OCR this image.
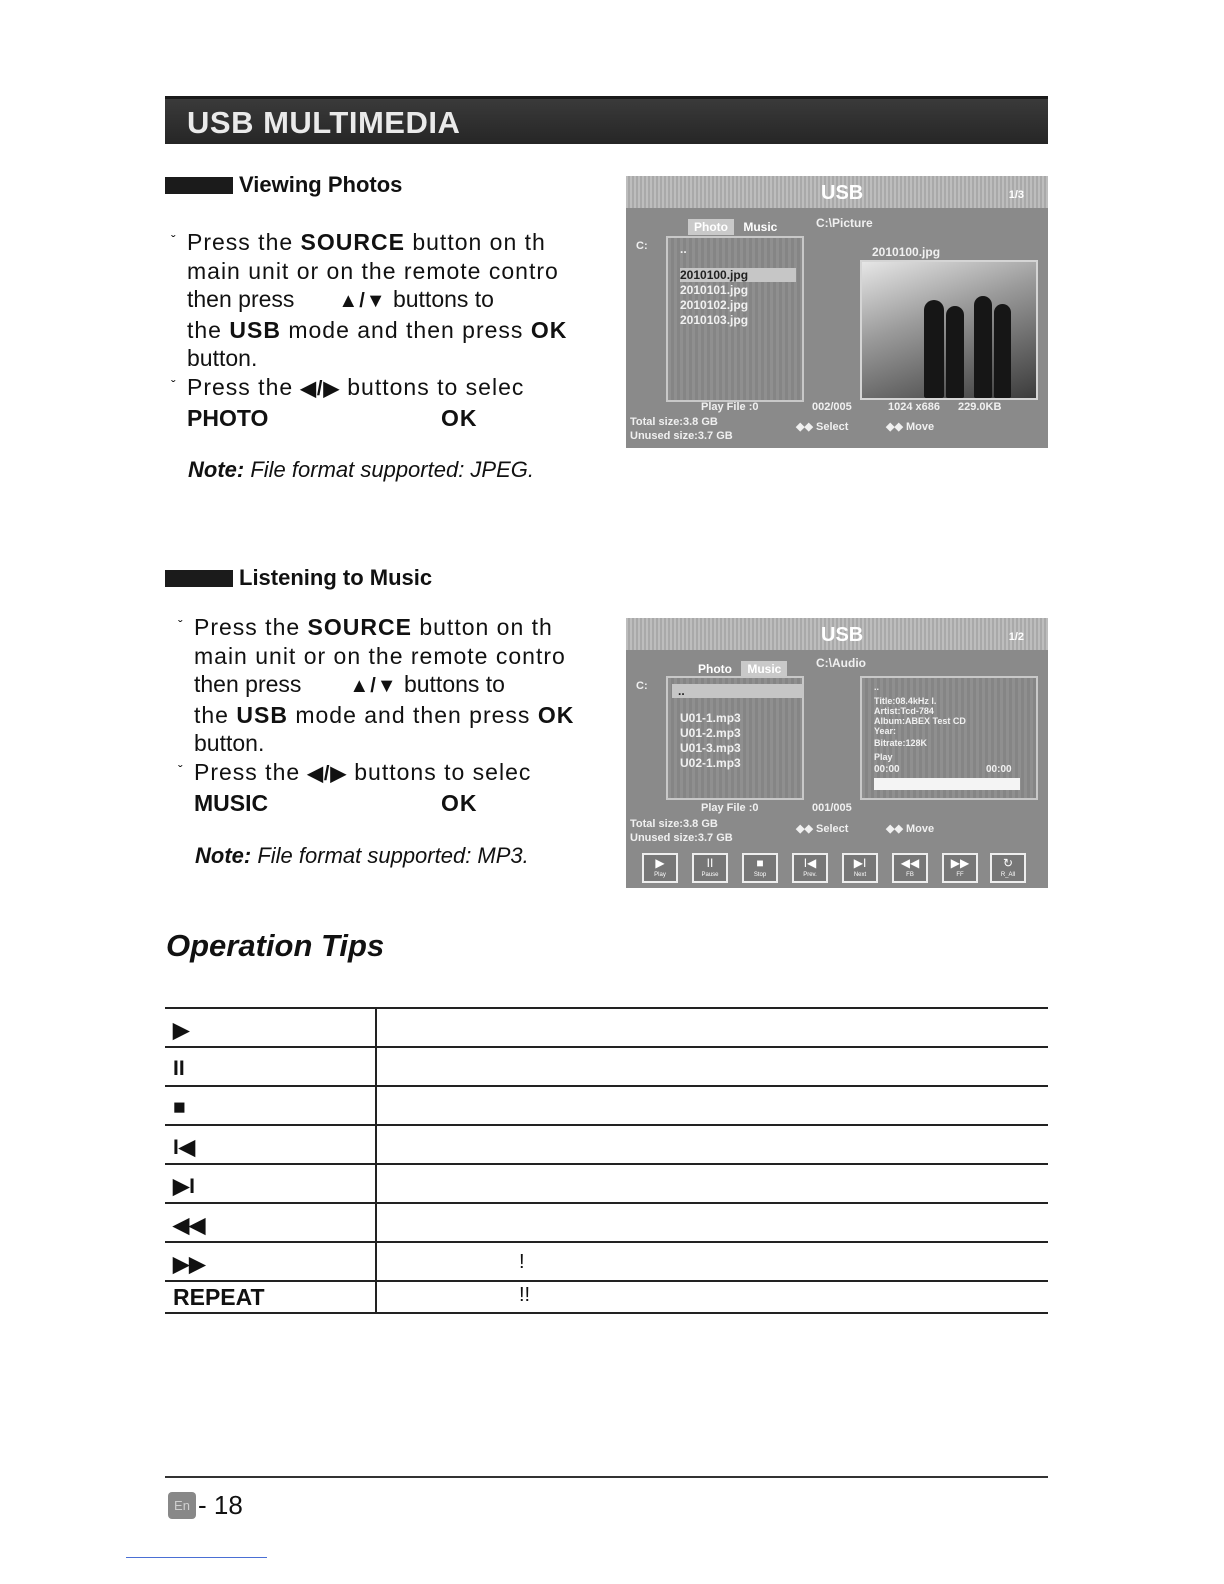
USB MULTIMEDIA
Viewing Photos
ˇ Press the SOURCE button on th
main unit or on the remote contro
then press ▲/▼ buttons to
the USB mode and then press OK
button.
ˇ Press the ◀/▶ buttons to selec
PHOTO	OK
Note: File format supported: JPEG.
USB	1/3
Photo Music	C:\Picture
C:	..
2010100.jpg
2010101.jpg
2010102.jpg
2010103.jpg
2010100.jpg
Play File :0	002/005	1024 x686 229.0KB
Total size:3.8 GB
Unused size:3.7 GB
◆◆ Select	◆◆ Move
Listening to Music
ˇ Press the SOURCE button on th
main unit or on the remote contro
then press ▲/▼ buttons to
the USB mode and then press OK
button.
ˇ Press the ◀/▶ buttons to selec
MUSIC	OK
Note: File format supported: MP3.
USB	1/2
Photo Music	C:\Audio
C:	..
U01-1.mp3
U01-2.mp3
U01-3.mp3
U02-1.mp3
..
Title:08.4kHz I.
Artist:Tcd-784
Album:ABEX Test CD
Year:
Bitrate:128K
Play
00:00	00:00
Play File :0	001/005
Total size:3.8 GB
Unused size:3.7 GB
◆◆ Select	◆◆ Move
▶
Play
II
Pause
■
Stop
I◀
Prev.
▶I
Next
◀◀
FB
▶▶
FF
↻
R_All
Operation Tips
▶
II
■
I◀
▶I
◀◀
▶▶	!
REPEAT	!!
En - 18
